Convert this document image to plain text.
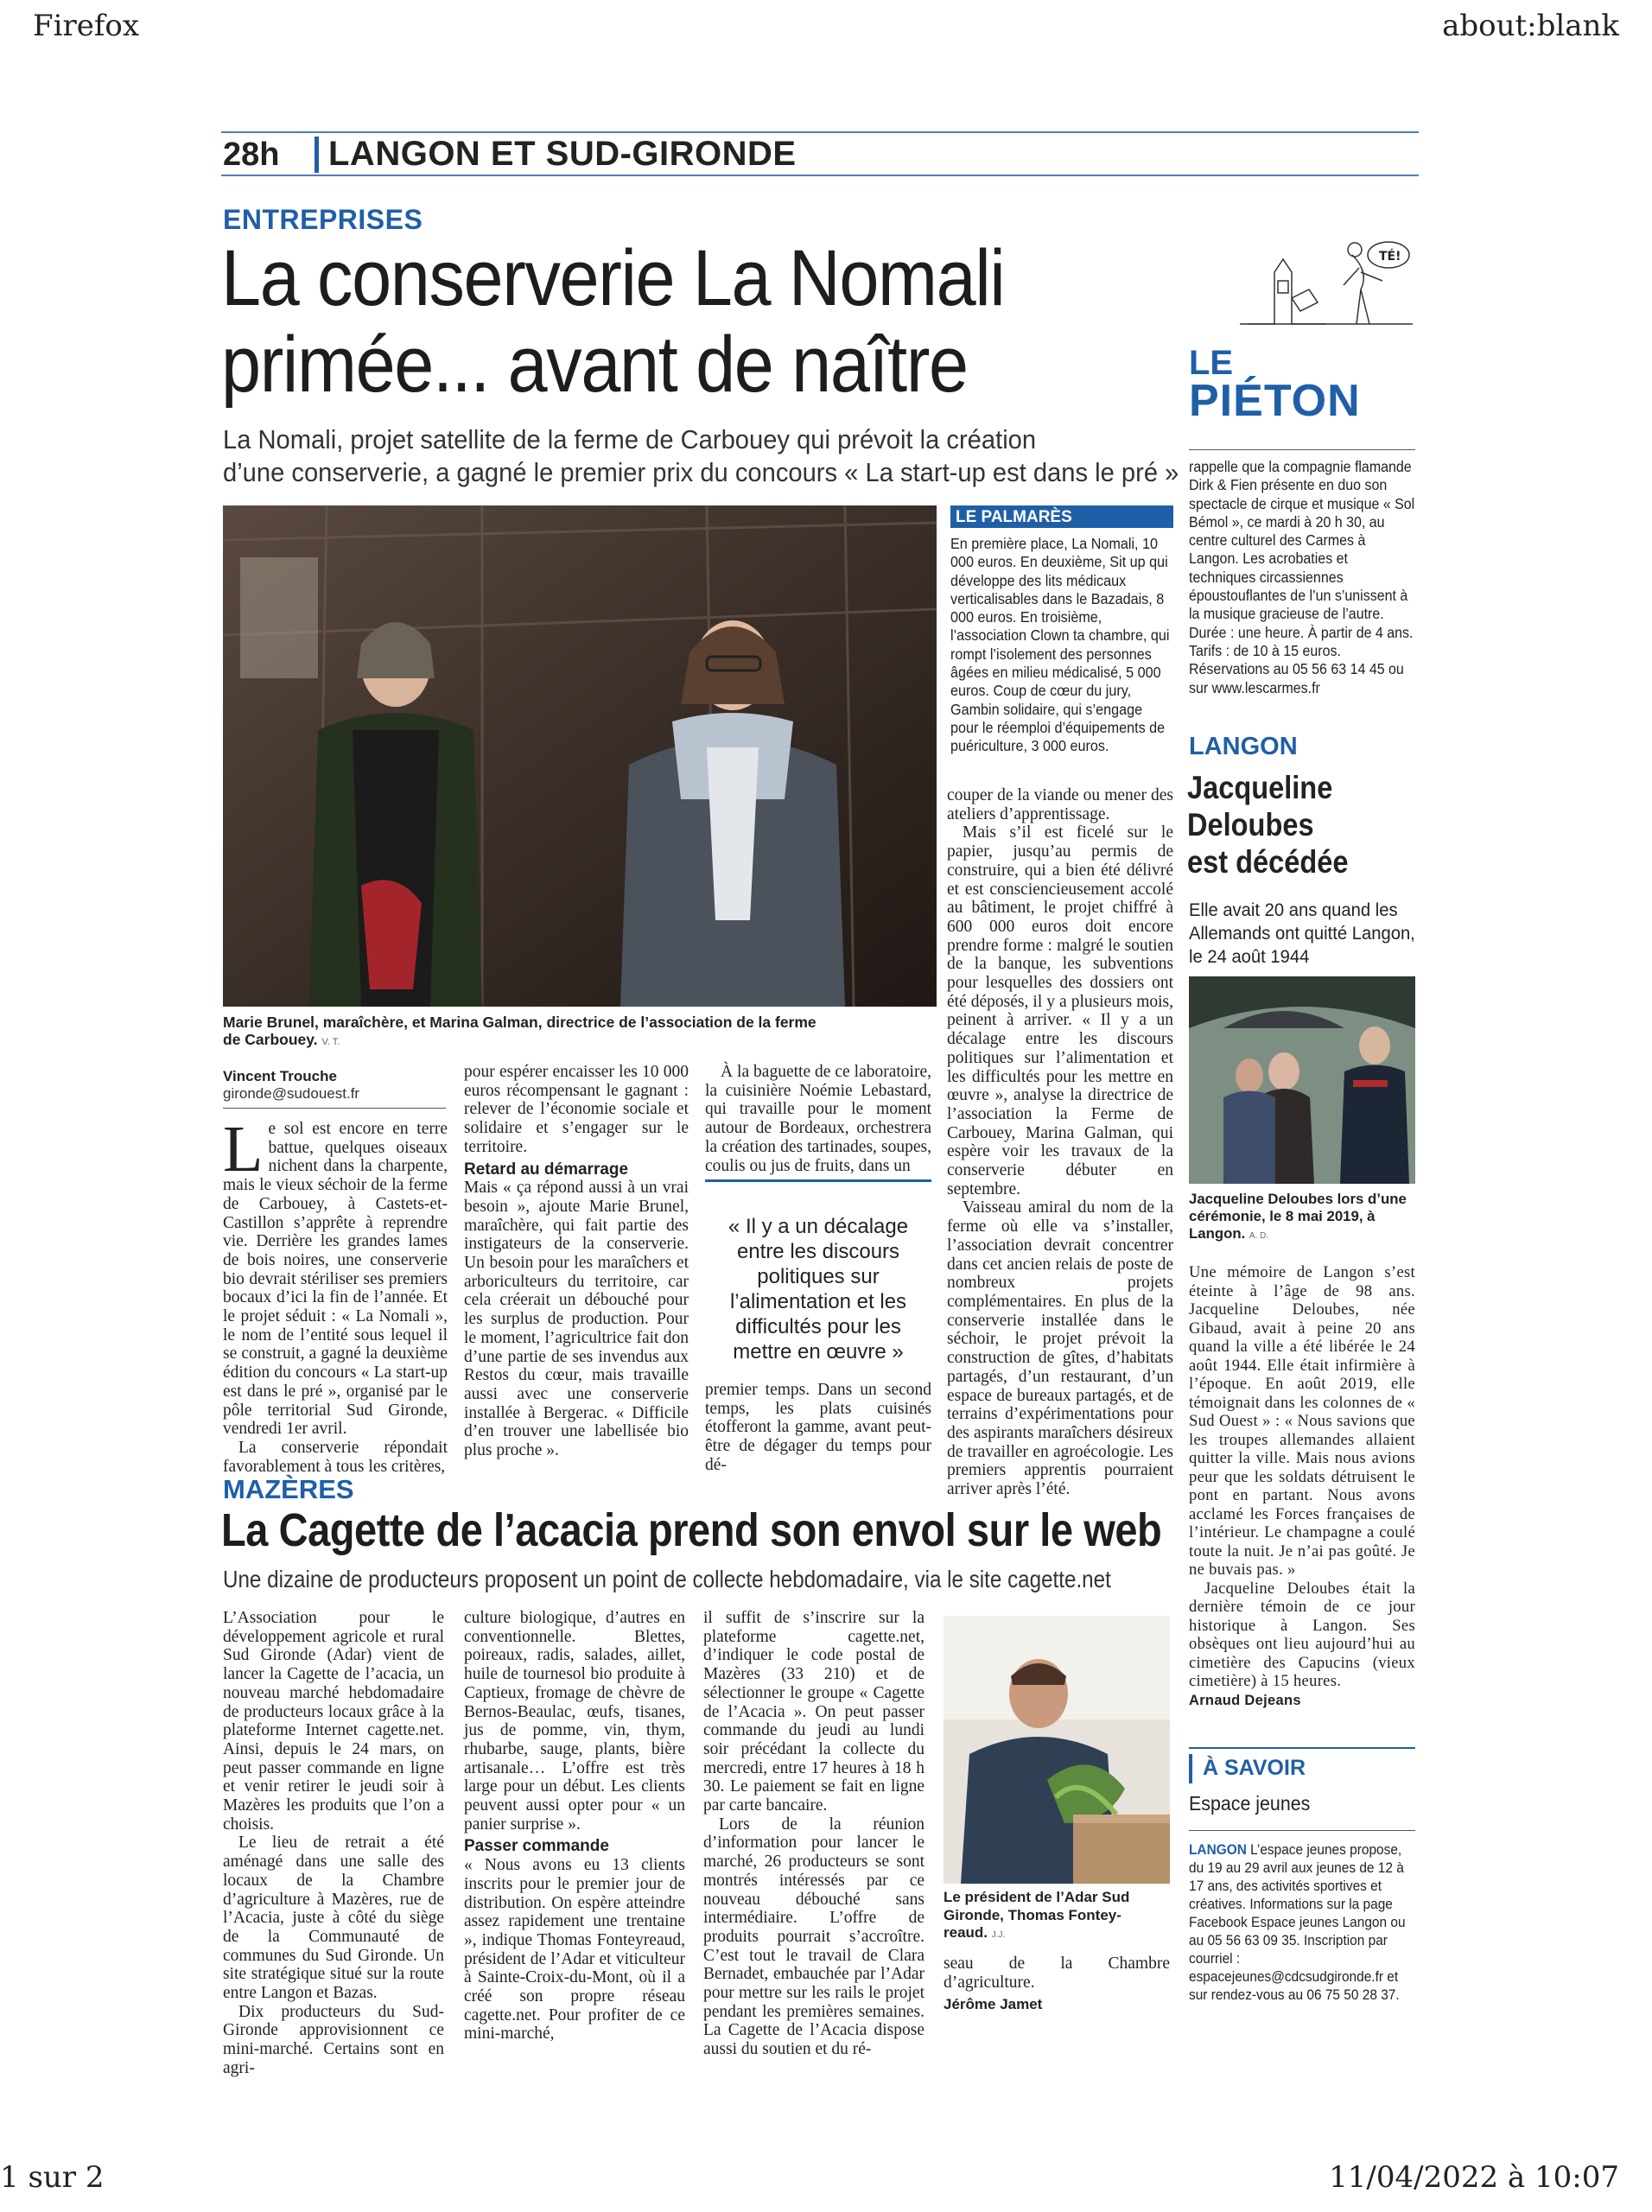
Firefox	about:blank
1 sur 2	11/04/2022 à 10:07
28h LANGON ET SUD-GIRONDE
ENTREPRISES
La conserverie La Nomali
primée... avant de naître
La Nomali, projet satellite de la ferme de Carbouey qui prévoit la création
d’une conserverie, a gagné le premier prix du concours « La start-up est dans le pré »
Marie Brunel, maraîchère, et Marina Galman, directrice de l’association de la ferme
de Carbouey. V. T.
LE PALMARÈS
En première place, La Nomali, 10 000 euros. En deuxième, Sit up qui développe des lits médicaux verticalisables dans le Bazadais, 8 000 euros. En troisième, l’association Clown ta chambre, qui rompt l’isolement des personnes âgées en milieu médicalisé, 5 000 euros. Coup de cœur du jury, Gambin solidaire, qui s’engage pour le réemploi d’équipements de puériculture, 3 000 euros.
Vincent Trouche
gironde@sudouest.fr

Le sol est encore en terre battue, quelques oiseaux nichent dans la charpente, mais le vieux séchoir de la ferme de Carbouey, à Castets-et-Castillon s’apprête à reprendre vie. Derrière les grandes lames de bois noires, une conserverie bio devrait stériliser ses premiers bocaux d’ici la fin de l’année. Et le projet séduit : « La Nomali », le nom de l’entité sous lequel il se construit, a gagné la deuxième édition du concours « La start-up est dans le pré », organisé par le pôle territorial Sud Gironde, vendredi 1er avril.

La conserverie répondait favorablement à tous les critères,

pour espérer encaisser les 10 000 euros récompensant le gagnant : relever de l’économie sociale et solidaire et s’engager sur le territoire.

Retard au démarrage

Mais « ça répond aussi à un vrai besoin », ajoute Marie Brunel, maraîchère, qui fait partie des instigateurs de la conserverie. Un besoin pour les maraîchers et arboriculteurs du territoire, car cela créerait un débouché pour les surplus de production. Pour le moment, l’agricultrice fait don d’une partie de ses invendus aux Restos du cœur, mais travaille aussi avec une conserverie installée à Bergerac. « Difficile d’en trouver une labellisée bio plus proche ».

À la baguette de ce laboratoire, la cuisinière Noémie Lebastard, qui travaille pour le moment autour de Bordeaux, orchestrera la création des tartinades, soupes, coulis ou jus de fruits, dans un

« Il y a un décalage entre les discours politiques sur l’alimentation et les difficultés pour les mettre en œuvre »

premier temps. Dans un second temps, les plats cuisinés étofferont la gamme, avant peut-être de dégager du temps pour dé-

couper de la viande ou mener des ateliers d’apprentissage.

Mais s’il est ficelé sur le papier, jusqu’au permis de construire, qui a bien été délivré et est consciencieusement accolé au bâtiment, le projet chiffré à 600 000 euros doit encore prendre forme : malgré le soutien de la banque, les subventions pour lesquelles des dossiers ont été déposés, il y a plusieurs mois, peinent à arriver. « Il y a un décalage entre les discours politiques sur l’alimentation et les difficultés pour les mettre en œuvre », analyse la directrice de l’association la Ferme de Carbouey, Marina Galman, qui espère voir les travaux de la conserverie débuter en septembre.

Vaisseau amiral du nom de la ferme où elle va s’installer, l’association devrait concentrer dans cet ancien relais de poste de nombreux projets complémentaires. En plus de la conserverie installée dans le séchoir, le projet prévoit la construction de gîtes, d’habitats partagés, d’un restaurant, d’un espace de bureaux partagés, et de terrains d’expérimentations pour des aspirants maraîchers désireux de travailler en agroécologie. Les premiers apprentis pourraient arriver après l’été.

TÉ!
LE
PIÉTON
rappelle que la compagnie flamande Dirk & Fien présente en duo son spectacle de cirque et musique « Sol Bémol », ce mardi à 20 h 30, au centre culturel des Carmes à Langon. Les acrobaties et techniques circassiennes époustouflantes de l’un s’unissent à la musique gracieuse de l’autre. Durée : une heure. À partir de 4 ans. Tarifs : de 10 à 15 euros. Réservations au 05 56 63 14 45 ou sur www.lescarmes.fr
LANGON
Jacqueline
Deloubes
est décédée
Elle avait 20 ans quand les Allemands ont quitté Langon, le 24 août 1944
Jacqueline Deloubes lors d’une cérémonie, le 8 mai 2019, à Langon. A. D.

Une mémoire de Langon s’est éteinte à l’âge de 98 ans. Jacqueline Deloubes, née Gibaud, avait à peine 20 ans quand la ville a été libérée le 24 août 1944. Elle était infirmière à l’époque. En août 2019, elle témoignait dans les colonnes de « Sud Ouest » : « Nous savions que les troupes allemandes allaient quitter la ville. Mais nous avions peur que les soldats détruisent le pont en partant. Nous avons acclamé les Forces françaises de l’intérieur. Le champagne a coulé toute la nuit. Je n’ai pas goûté. Je ne buvais pas. »

Jacqueline Deloubes était la dernière témoin de ce jour historique à Langon. Ses obsèques ont lieu aujourd’hui au cimetière des Capucins (vieux cimetière) à 15 heures.

Arnaud Dejeans

À SAVOIR
Espace jeunes
LANGON L’espace jeunes propose, du 19 au 29 avril aux jeunes de 12 à 17 ans, des activités sportives et créatives. Informations sur la page Facebook Espace jeunes Langon ou au 05 56 63 09 35. Inscription par courriel : espacejeunes@cdcsudgironde.fr et sur rendez-vous au 06 75 50 28 37.
MAZÈRES
La Cagette de l’acacia prend son envol sur le web
Une dizaine de producteurs proposent un point de collecte hebdomadaire, via le site cagette.net

L’Association pour le développement agricole et rural Sud Gironde (Adar) vient de lancer la Cagette de l’acacia, un nouveau marché hebdomadaire de producteurs locaux grâce à la plateforme Internet cagette.net. Ainsi, depuis le 24 mars, on peut passer commande en ligne et venir retirer le jeudi soir à Mazères les produits que l’on a choisis.

Le lieu de retrait a été aménagé dans une salle des locaux de la Chambre d’agriculture à Mazères, rue de l’Acacia, juste à côté du siège de la Communauté de communes du Sud Gironde. Un site stratégique situé sur la route entre Langon et Bazas.

Dix producteurs du Sud-Gironde approvisionnent ce mini-marché. Certains sont en agri-

culture biologique, d’autres en conventionnelle. Blettes, poireaux, radis, salades, aillet, huile de tournesol bio produite à Captieux, fromage de chèvre de Bernos-Beaulac, œufs, tisanes, jus de pomme, vin, thym, rhubarbe, sauge, plants, bière artisanale… L’offre est très large pour un début. Les clients peuvent aussi opter pour « un panier surprise ».

Passer commande

« Nous avons eu 13 clients inscrits pour le premier jour de distribution. On espère atteindre assez rapidement une trentaine », indique Thomas Fonteyreaud, président de l’Adar et viticulteur à Sainte-Croix-du-Mont, où il a créé son propre réseau cagette.net. Pour profiter de ce mini-marché,

il suffit de s’inscrire sur la plateforme cagette.net, d’indiquer le code postal de Mazères (33 210) et de sélectionner le groupe « Cagette de l’Acacia ». On peut passer commande du jeudi au lundi soir précédant la collecte du mercredi, entre 17 heures à 18 h 30. Le paiement se fait en ligne par carte bancaire.

Lors de la réunion d’information pour lancer le marché, 26 producteurs se sont montrés intéressés par ce nouveau débouché sans intermédiaire. L’offre de produits pourrait s’accroître. C’est tout le travail de Clara Bernadet, embauchée par l’Adar pour mettre sur les rails le projet pendant les premières semaines. La Cagette de l’Acacia dispose aussi du soutien et du ré-

Le président de l’Adar Sud
Gironde, Thomas Fontey-
reaud. J.J.

seau de la Chambre d’agriculture.

Jérôme Jamet
